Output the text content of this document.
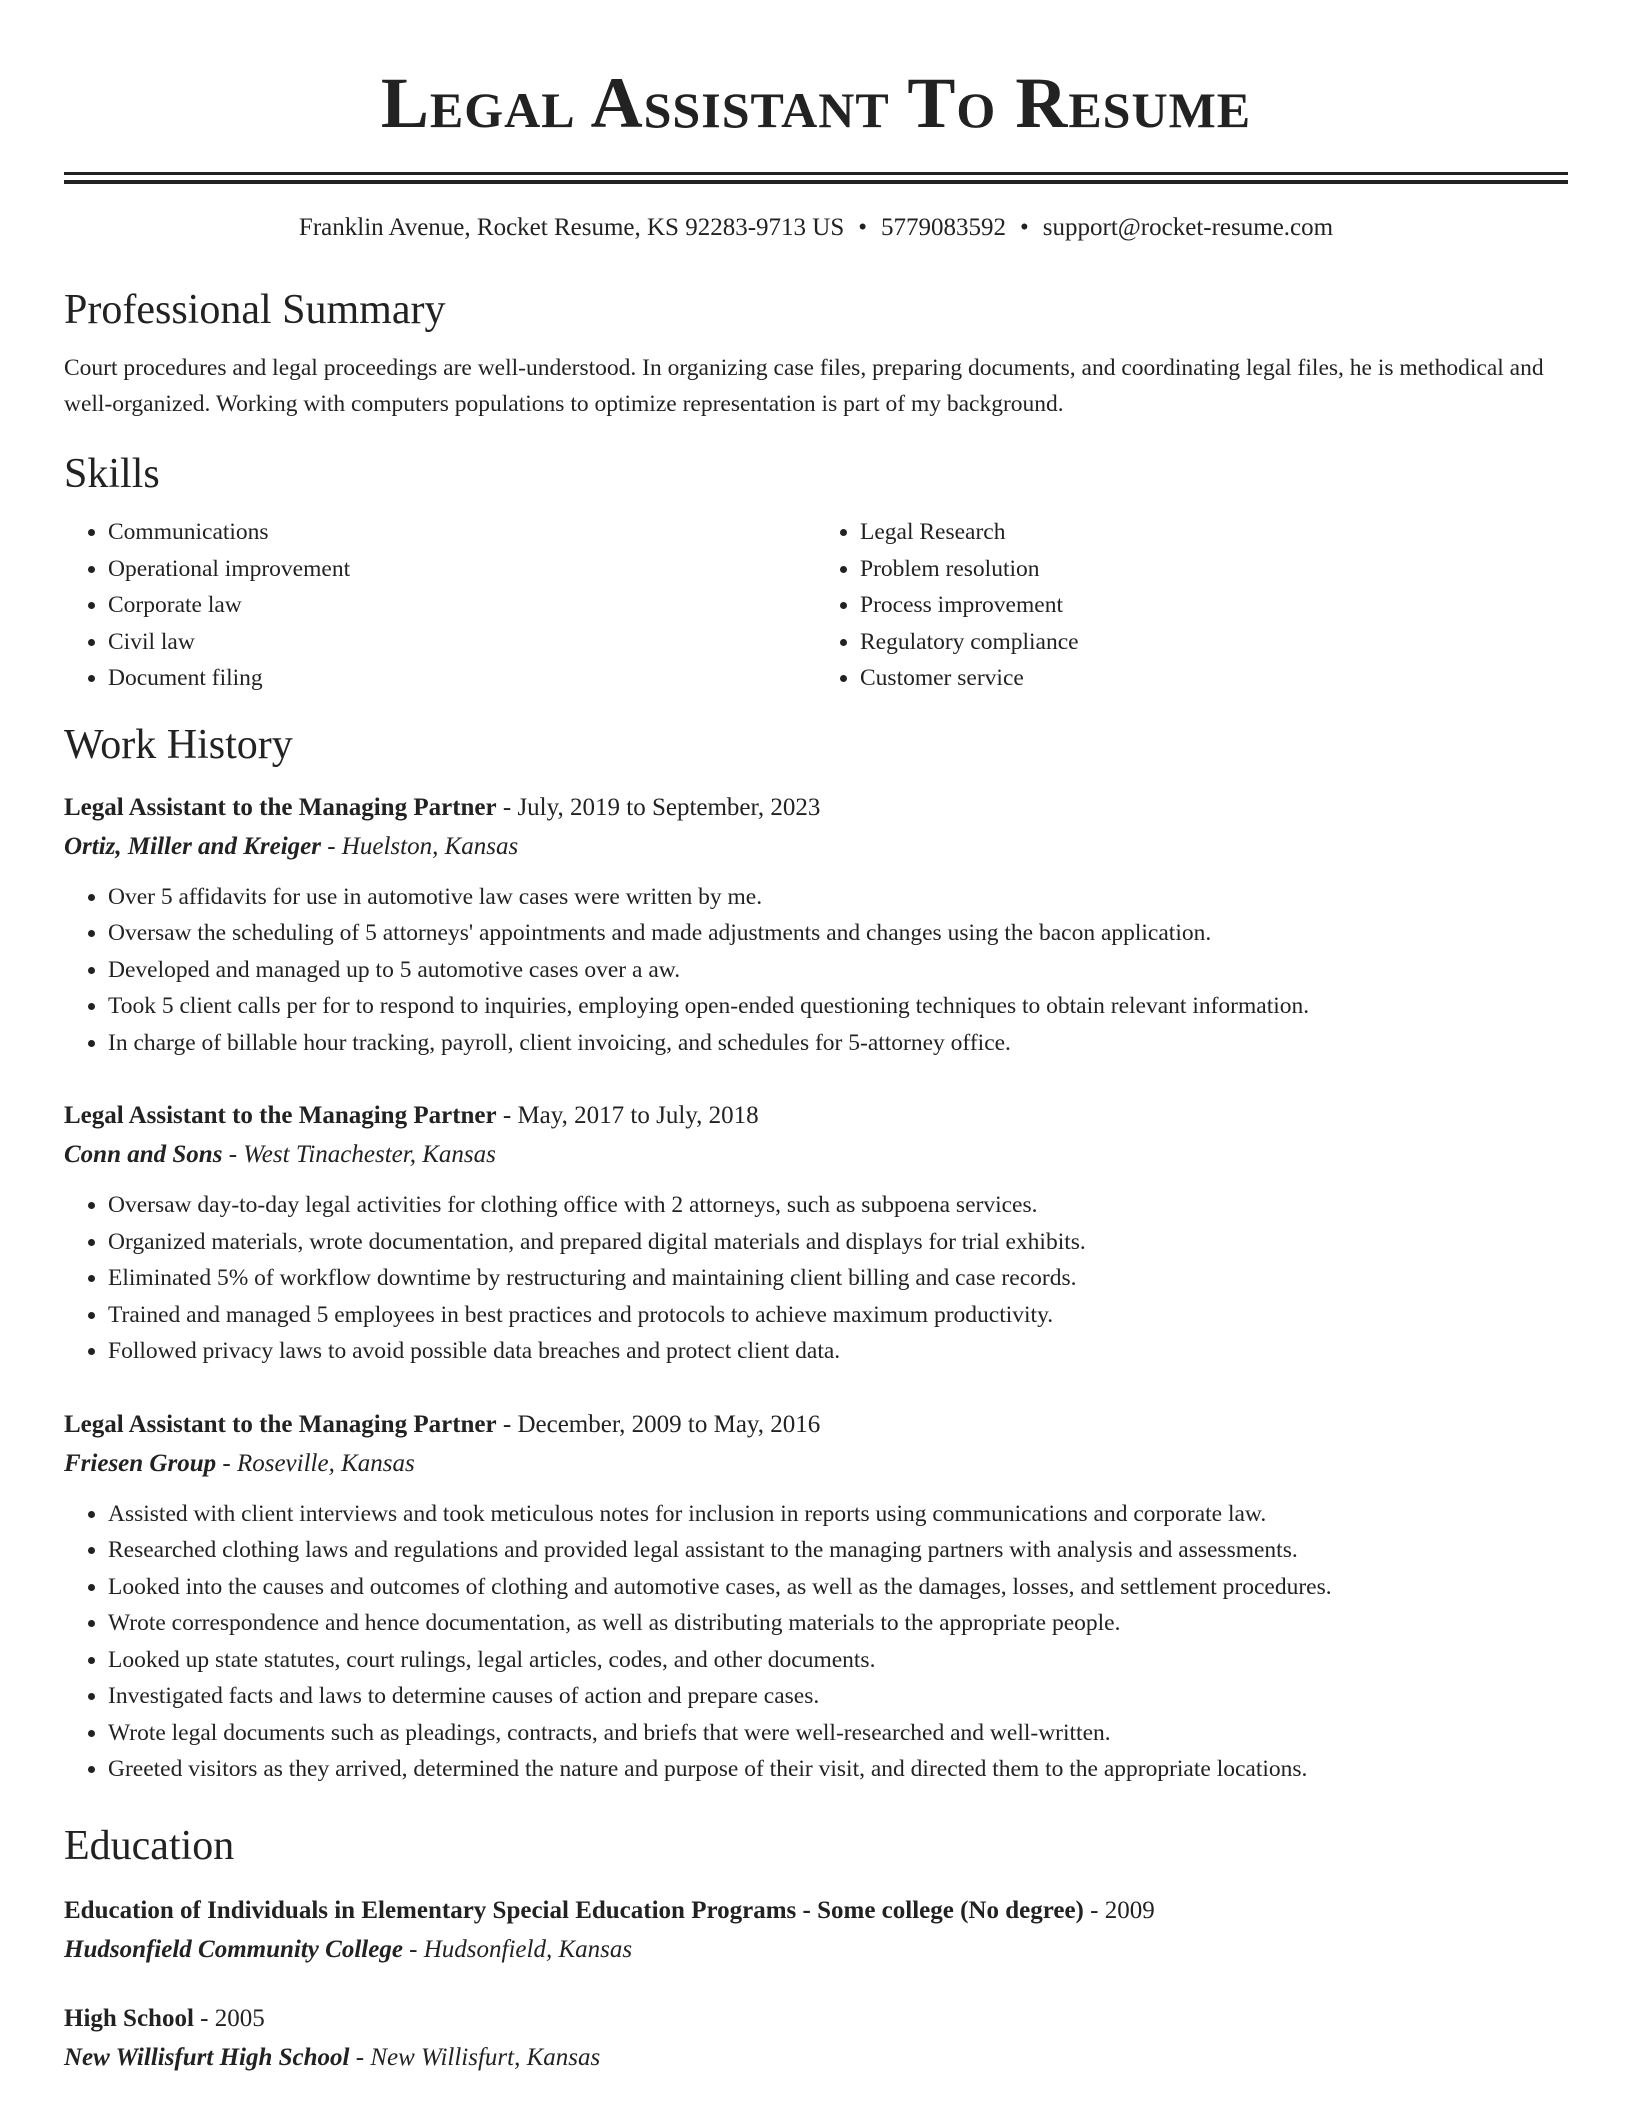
Legal Assistant To Resume
Franklin Avenue, Rocket Resume, KS 92283-9713 US • 5779083592 • support@rocket-resume.com
Professional Summary

Court procedures and legal proceedings are well-understood. In organizing case files, preparing documents, and coordinating legal files, he is methodical and well-organized. Working with computers populations to optimize representation is part of my background.

Skills
• Communications
• Operational improvement
• Corporate law
• Civil law
• Document filing
• Legal Research
• Problem resolution
• Process improvement
• Regulatory compliance
• Customer service
Work History
Legal Assistant to the Managing Partner - July, 2019 to September, 2023
Ortiz, Miller and Kreiger - Huelston, Kansas
• Over 5 affidavits for use in automotive law cases were written by me.
• Oversaw the scheduling of 5 attorneys' appointments and made adjustments and changes using the bacon application.
• Developed and managed up to 5 automotive cases over a aw.
• Took 5 client calls per for to respond to inquiries, employing open-ended questioning techniques to obtain relevant information.
• In charge of billable hour tracking, payroll, client invoicing, and schedules for 5-attorney office.
Legal Assistant to the Managing Partner - May, 2017 to July, 2018
Conn and Sons - West Tinachester, Kansas
• Oversaw day-to-day legal activities for clothing office with 2 attorneys, such as subpoena services.
• Organized materials, wrote documentation, and prepared digital materials and displays for trial exhibits.
• Eliminated 5% of workflow downtime by restructuring and maintaining client billing and case records.
• Trained and managed 5 employees in best practices and protocols to achieve maximum productivity.
• Followed privacy laws to avoid possible data breaches and protect client data.
Legal Assistant to the Managing Partner - December, 2009 to May, 2016
Friesen Group - Roseville, Kansas
• Assisted with client interviews and took meticulous notes for inclusion in reports using communications and corporate law.
• Researched clothing laws and regulations and provided legal assistant to the managing partners with analysis and assessments.
• Looked into the causes and outcomes of clothing and automotive cases, as well as the damages, losses, and settlement procedures.
• Wrote correspondence and hence documentation, as well as distributing materials to the appropriate people.
• Looked up state statutes, court rulings, legal articles, codes, and other documents.
• Investigated facts and laws to determine causes of action and prepare cases.
• Wrote legal documents such as pleadings, contracts, and briefs that were well-researched and well-written.
• Greeted visitors as they arrived, determined the nature and purpose of their visit, and directed them to the appropriate locations.
Education
Education of Individuals in Elementary Special Education Programs - Some college (No degree) - 2009
Hudsonfield Community College - Hudsonfield, Kansas
High School - 2005
New Willisfurt High School - New Willisfurt, Kansas
